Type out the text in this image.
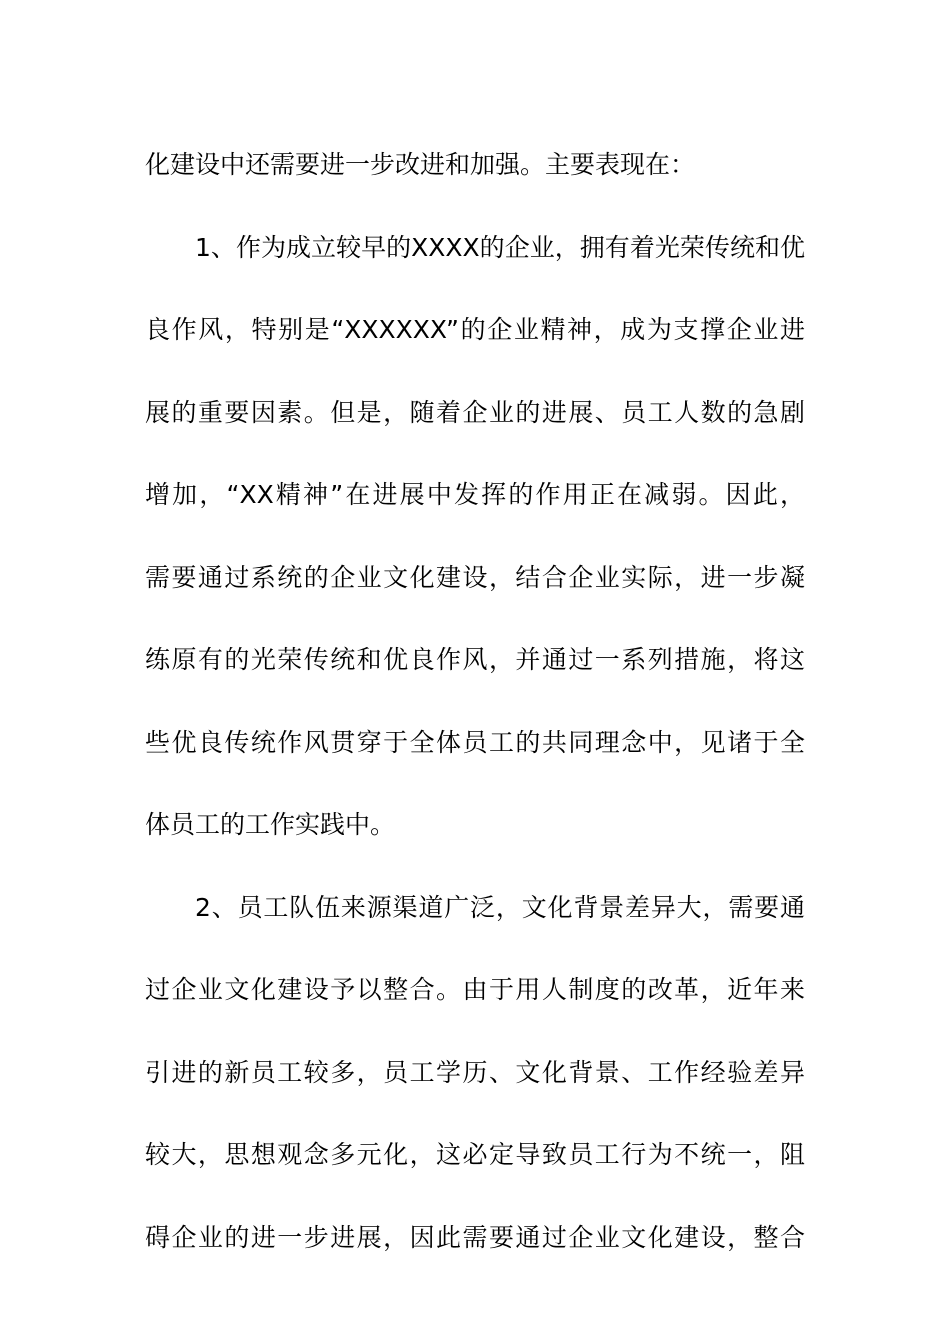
化建设中还需要进一步改进和加强。主要表现在：
1、作为成立较早的XXXX的企业，拥有着光荣传统和优
良作风，特别是“XXXXXX”的企业精神，成为支撑企业进
展的重要因素。但是，随着企业的进展、员工人数的急剧
增加，“XX精神”在进展中发挥的作用正在减弱。因此，
需要通过系统的企业文化建设，结合企业实际，进一步凝
练原有的光荣传统和优良作风，并通过一系列措施，将这
些优良传统作风贯穿于全体员工的共同理念中，见诸于全
体员工的工作实践中。
2、员工队伍来源渠道广泛，文化背景差异大，需要通
过企业文化建设予以整合。由于用人制度的改革，近年来
引进的新员工较多，员工学历、文化背景、工作经验差异
较大，思想观念多元化，这必定导致员工行为不统一，阻
碍企业的进一步进展，因此需要通过企业文化建设，整合
